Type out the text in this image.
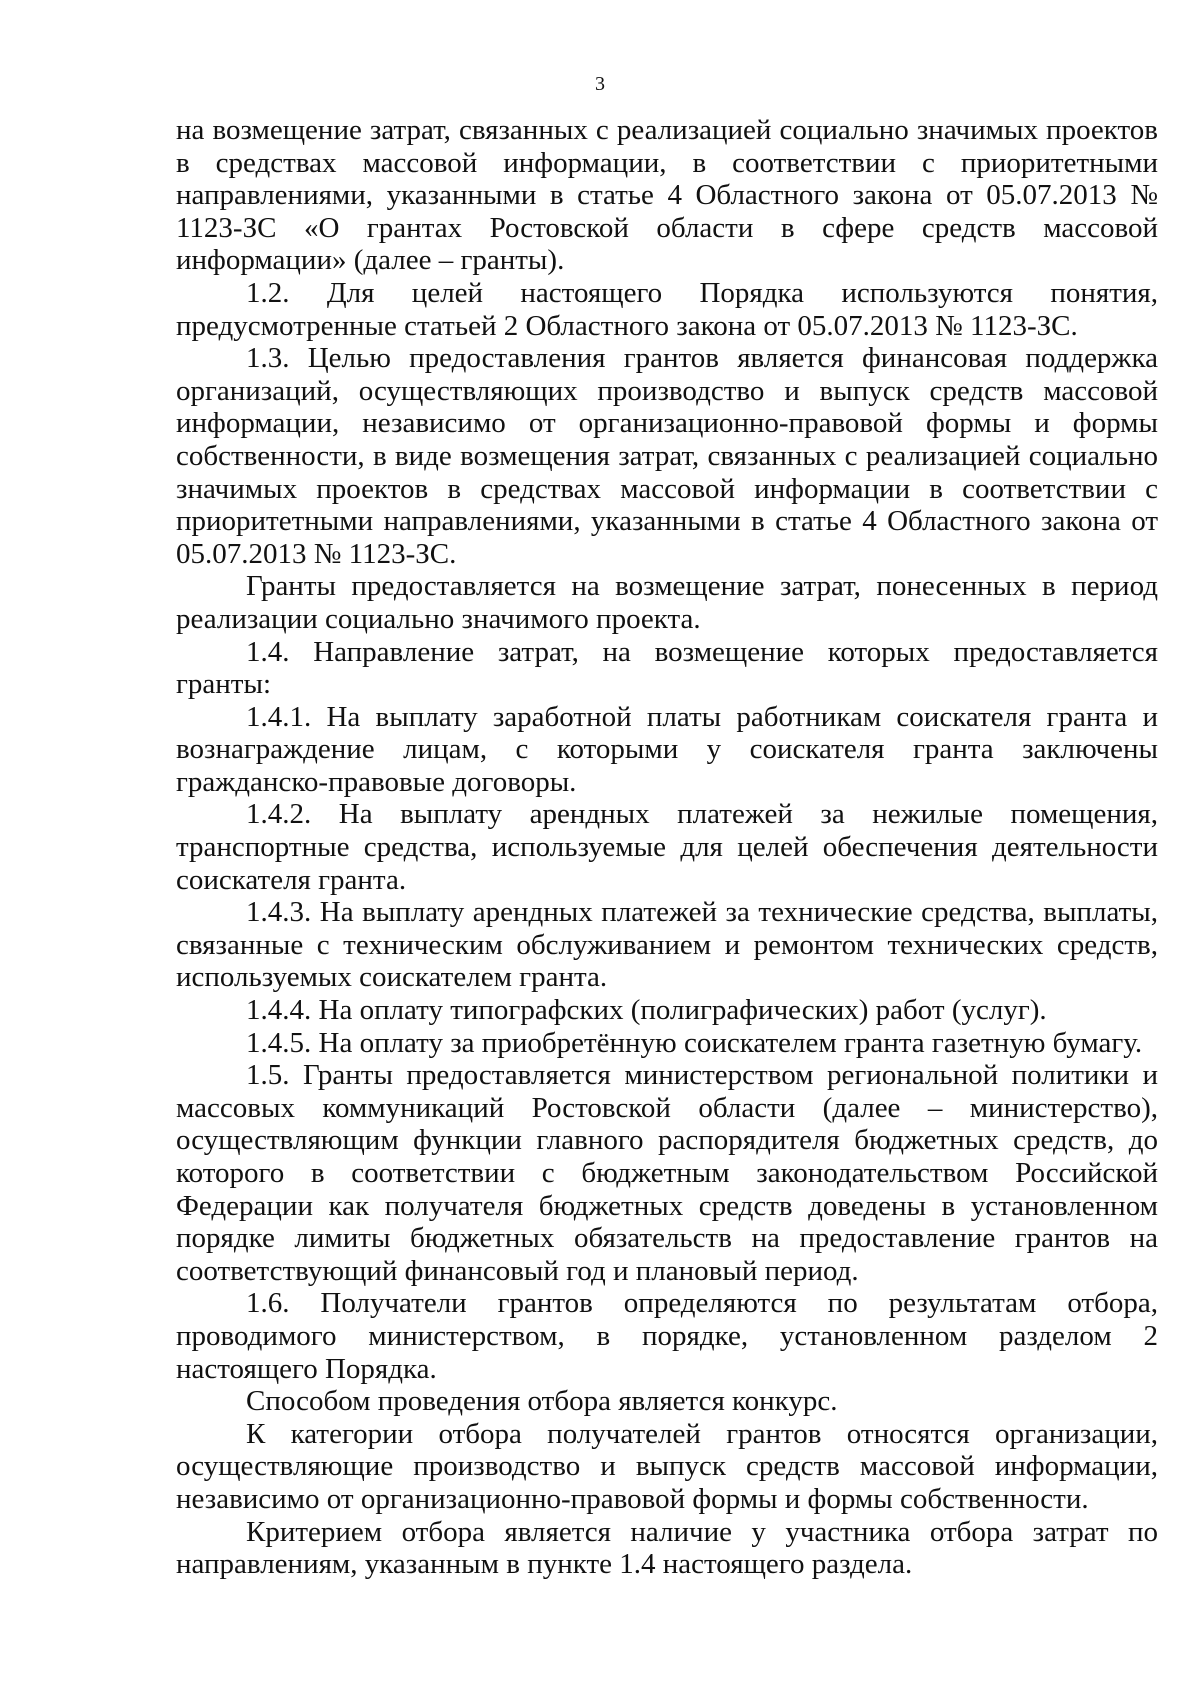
3

на возмещение затрат, связанных с реализацией социально значимых проектов в средствах массовой информации, в соответствии с приоритетными направлениями, указанными в статье 4 Областного закона от 05.07.2013 № 1123-ЗС «О грантах Ростовской области в сфере средств массовой информации» (далее – гранты).

1.2. Для целей настоящего Порядка используются понятия, предусмотренные статьей 2 Областного закона от 05.07.2013 № 1123-ЗС.

1.3. Целью предоставления грантов является финансовая поддержка организаций, осуществляющих производство и выпуск средств массовой информации, независимо от организационно-правовой формы и формы собственности, в виде возмещения затрат, связанных с реализацией социально значимых проектов в средствах массовой информации в соответствии с приоритетными направлениями, указанными в статье 4 Областного закона от 05.07.2013 № 1123-ЗС.

Гранты предоставляется на возмещение затрат, понесенных в период реализации социально значимого проекта.

1.4. Направление затрат, на возмещение которых предоставляется гранты:

1.4.1. На выплату заработной платы работникам соискателя гранта и вознаграждение лицам, с которыми у соискателя гранта заключены гражданско-правовые договоры.

1.4.2. На выплату арендных платежей за нежилые помещения, транспортные средства, используемые для целей обеспечения деятельности соискателя гранта.

1.4.3. На выплату арендных платежей за технические средства, выплаты, связанные с техническим обслуживанием и ремонтом технических средств, используемых соискателем гранта.

1.4.4. На оплату типографских (полиграфических) работ (услуг).

1.4.5. На оплату за приобретённую соискателем гранта газетную бумагу.

1.5. Гранты предоставляется министерством региональной политики и массовых коммуникаций Ростовской области (далее – министерство), осуществляющим функции главного распорядителя бюджетных средств, до которого в соответствии с бюджетным законодательством Российской Федерации как получателя бюджетных средств доведены в установленном порядке лимиты бюджетных обязательств на предоставление грантов на соответствующий финансовый год и плановый период.

1.6. Получатели грантов определяются по результатам отбора, проводимого министерством, в порядке, установленном разделом 2 настоящего Порядка.

Способом проведения отбора является конкурс.

К категории отбора получателей грантов относятся организации, осуществляющие производство и выпуск средств массовой информации, независимо от организационно-правовой формы и формы собственности.

Критерием отбора является наличие у участника отбора затрат по направлениям, указанным в пункте 1.4 настоящего раздела.
